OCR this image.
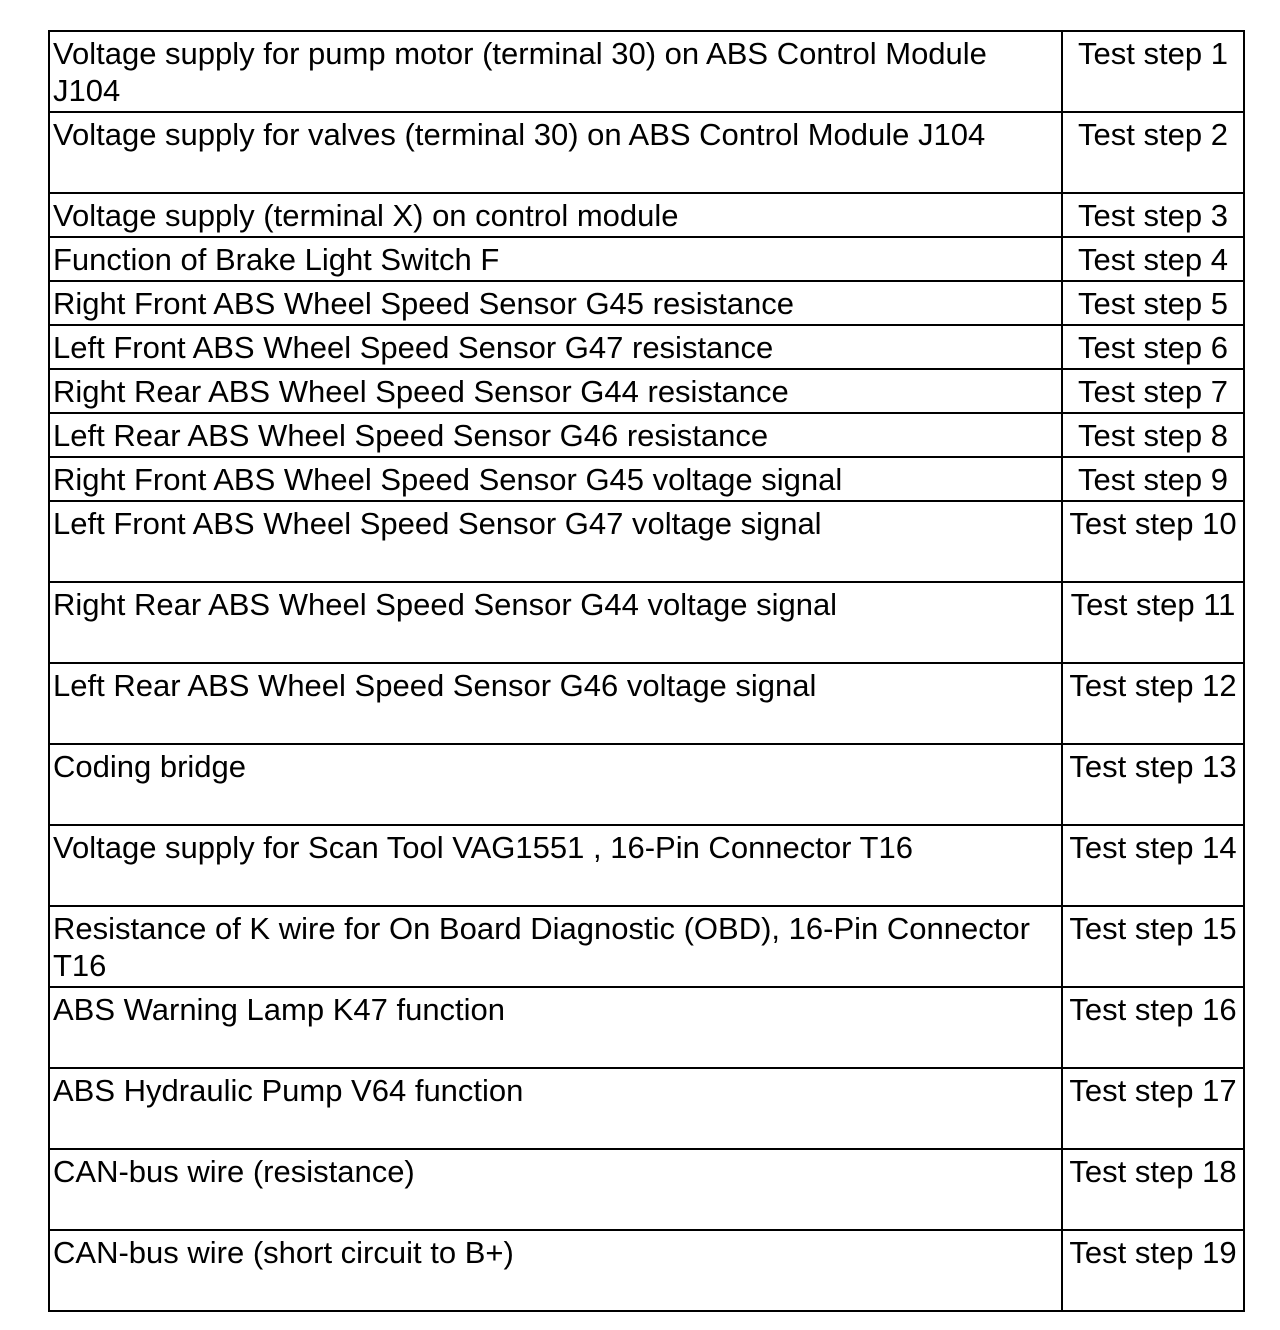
Voltage supply for pump motor (terminal 30) on ABS Control Module J104	Test step 1
Voltage supply for valves (terminal 30) on ABS Control Module J104	Test step 2
Voltage supply (terminal X) on control module	Test step 3
Function of Brake Light Switch F	Test step 4
Right Front ABS Wheel Speed Sensor G45 resistance	Test step 5
Left Front ABS Wheel Speed Sensor G47 resistance	Test step 6
Right Rear ABS Wheel Speed Sensor G44 resistance	Test step 7
Left Rear ABS Wheel Speed Sensor G46 resistance	Test step 8
Right Front ABS Wheel Speed Sensor G45 voltage signal	Test step 9
Left Front ABS Wheel Speed Sensor G47 voltage signal	Test step 10
Right Rear ABS Wheel Speed Sensor G44 voltage signal	Test step 11
Left Rear ABS Wheel Speed Sensor G46 voltage signal	Test step 12
Coding bridge	Test step 13
Voltage supply for Scan Tool VAG1551 , 16-Pin Connector T16	Test step 14
Resistance of K wire for On Board Diagnostic (OBD), 16-Pin Connector T16	Test step 15
ABS Warning Lamp K47 function	Test step 16
ABS Hydraulic Pump V64 function	Test step 17
CAN-bus wire (resistance)	Test step 18
CAN-bus wire (short circuit to B+)	Test step 19
